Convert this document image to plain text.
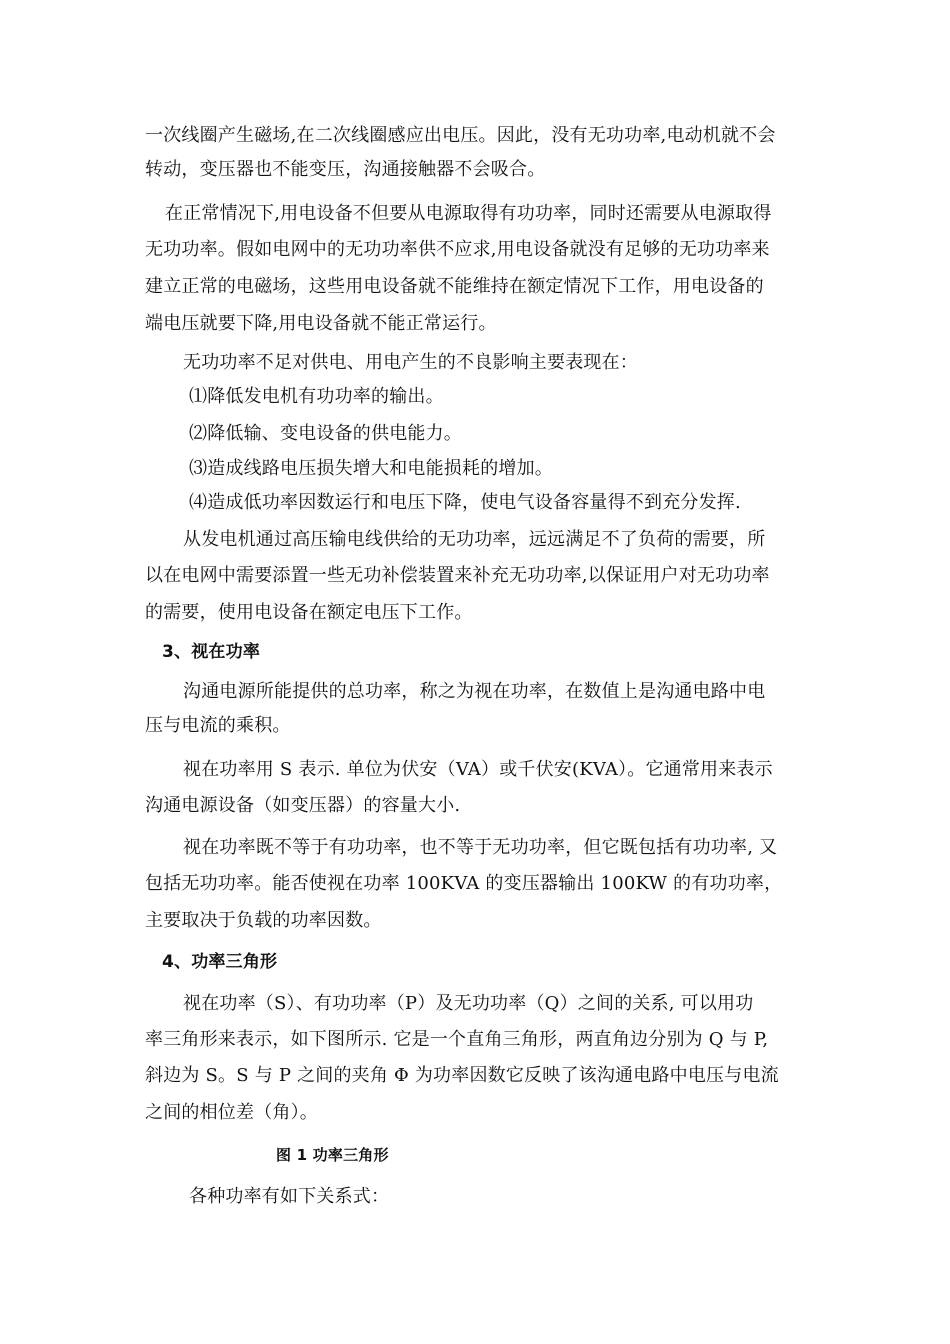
一次线圈产生磁场,在二次线圈感应出电压。因此，没有无功功率,电动机就不会
转动，变压器也不能变压，沟通接触器不会吸合。
在正常情况下,用电设备不但要从电源取得有功功率，同时还需要从电源取得
无功功率。假如电网中的无功功率供不应求,用电设备就没有足够的无功功率来
建立正常的电磁场，这些用电设备就不能维持在额定情况下工作，用电设备的
端电压就要下降,用电设备就不能正常运行。
无功功率不足对供电、用电产生的不良影响主要表现在：
⑴降低发电机有功功率的输出。
⑵降低输、变电设备的供电能力。
⑶造成线路电压损失增大和电能损耗的增加。
⑷造成低功率因数运行和电压下降，使电气设备容量得不到充分发挥.
从发电机通过高压输电线供给的无功功率，远远满足不了负荷的需要，所
以在电网中需要添置一些无功补偿装置来补充无功功率,以保证用户对无功功率
的需要，使用电设备在额定电压下工作。
3、视在功率
沟通电源所能提供的总功率，称之为视在功率，在数值上是沟通电路中电
压与电流的乘积。
视在功率用 S 表示. 单位为伏安（VA）或千伏安(KVA）。它通常用来表示
沟通电源设备（如变压器）的容量大小.
视在功率既不等于有功功率，也不等于无功功率，但它既包括有功功率, 又
包括无功功率。能否使视在功率 100KVA 的变压器输出 100KW 的有功功率，
主要取决于负载的功率因数。
4、功率三角形
视在功率（S）、有功功率（P）及无功功率（Q）之间的关系, 可以用功
率三角形来表示，如下图所示. 它是一个直角三角形，两直角边分别为 Q 与 P,
斜边为 S。S 与 P 之间的夹角 Φ 为功率因数它反映了该沟通电路中电压与电流
之间的相位差（角）。
图 1 功率三角形
各种功率有如下关系式：
